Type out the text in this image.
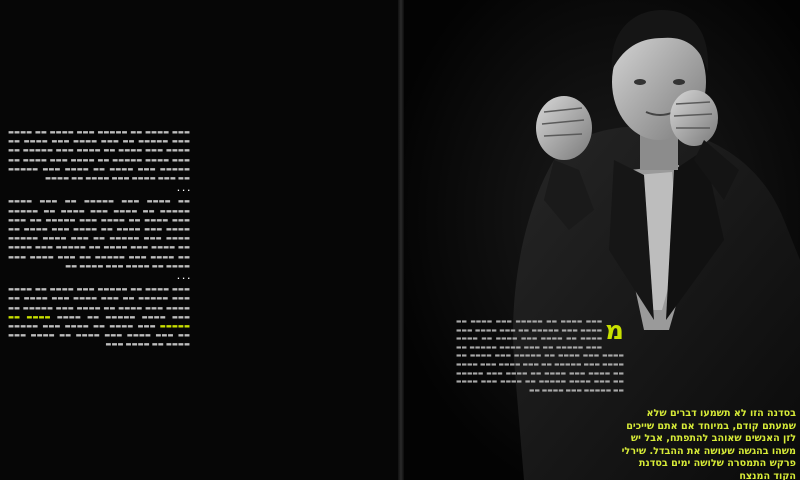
▬▬▬ ▬▬▬▬ ▬▬ ▬▬▬▬▬ ▬▬▬ ▬▬▬▬ ▬▬ ▬▬▬▬ ▬▬▬ ▬▬▬▬▬ ▬▬ ▬▬▬ ▬▬▬▬ ▬▬▬ ▬▬▬▬ ▬▬ ▬▬▬▬ ▬▬▬ ▬▬▬▬ ▬▬ ▬▬▬▬ ▬▬▬ ▬▬▬▬▬ ▬▬ ▬▬▬ ▬▬▬▬ ▬▬▬▬▬ ▬▬ ▬▬▬▬ ▬▬▬ ▬▬▬▬ ▬▬ ▬▬▬▬▬ ▬▬▬ ▬▬▬▬ ▬▬ ▬▬▬▬ ▬▬▬ ▬▬▬▬▬ ▬▬ ▬▬▬ ▬▬▬▬ ▬▬▬ ▬▬▬▬ ▬▬ ▬▬▬▬

· · ·

▬▬ ▬▬▬▬ ▬▬▬ ▬▬▬▬▬ ▬▬ ▬▬▬ ▬▬▬▬ ▬▬▬▬▬ ▬▬ ▬▬▬▬ ▬▬▬ ▬▬▬▬ ▬▬ ▬▬▬▬▬ ▬▬▬ ▬▬▬▬ ▬▬ ▬▬▬▬ ▬▬▬ ▬▬▬▬▬ ▬▬ ▬▬▬ ▬▬▬▬ ▬▬▬ ▬▬▬▬ ▬▬ ▬▬▬▬ ▬▬▬ ▬▬▬▬ ▬▬ ▬▬▬▬ ▬▬▬ ▬▬▬▬▬ ▬▬ ▬▬▬ ▬▬▬▬ ▬▬▬▬▬ ▬▬ ▬▬▬▬ ▬▬▬ ▬▬▬▬ ▬▬ ▬▬▬▬▬ ▬▬▬ ▬▬▬▬ ▬▬ ▬▬▬▬ ▬▬▬ ▬▬▬▬▬ ▬▬ ▬▬▬ ▬▬▬▬ ▬▬▬ ▬▬▬▬ ▬▬ ▬▬▬▬ ▬▬▬ ▬▬▬▬ ▬▬

· · ·

▬▬▬ ▬▬▬▬ ▬▬ ▬▬▬▬▬ ▬▬▬ ▬▬▬▬ ▬▬ ▬▬▬▬ ▬▬▬ ▬▬▬▬▬ ▬▬ ▬▬▬ ▬▬▬▬ ▬▬▬ ▬▬▬▬ ▬▬ ▬▬▬▬ ▬▬▬ ▬▬▬▬ ▬▬ ▬▬▬▬ ▬▬▬ ▬▬▬▬▬ ▬▬ ▬▬▬ ▬▬▬▬ ▬▬▬▬▬ ▬▬ ▬▬▬▬ ▬▬▬▬ ▬▬ ▬▬▬▬▬ ▬▬▬ ▬▬▬▬ ▬▬ ▬▬▬▬ ▬▬▬ ▬▬▬▬▬ ▬▬ ▬▬▬ ▬▬▬▬ ▬▬▬ ▬▬▬▬ ▬▬ ▬▬▬▬ ▬▬▬ ▬▬▬▬ ▬▬ ▬▬▬▬ ▬▬▬	מ
▬▬▬ ▬▬▬▬ ▬▬ ▬▬▬▬▬ ▬▬▬ ▬▬▬▬ ▬▬ ▬▬▬▬ ▬▬▬ ▬▬▬▬▬ ▬▬ ▬▬▬ ▬▬▬▬ ▬▬▬ ▬▬▬▬ ▬▬ ▬▬▬▬ ▬▬▬ ▬▬▬▬ ▬▬ ▬▬▬▬ ▬▬▬ ▬▬▬▬▬ ▬▬ ▬▬▬ ▬▬▬▬ ▬▬▬▬▬ ▬▬ ▬▬▬▬ ▬▬▬ ▬▬▬▬ ▬▬ ▬▬▬▬▬ ▬▬▬ ▬▬▬▬ ▬▬ ▬▬▬▬ ▬▬▬ ▬▬▬▬▬ ▬▬ ▬▬▬ ▬▬▬▬ ▬▬▬ ▬▬▬▬ ▬▬ ▬▬▬▬ ▬▬▬ ▬▬▬▬ ▬▬ ▬▬▬▬ ▬▬▬ ▬▬▬▬▬ ▬▬ ▬▬▬ ▬▬▬▬ ▬▬▬▬▬ ▬▬ ▬▬▬▬ ▬▬▬ ▬▬▬▬ ▬▬ ▬▬▬▬▬ ▬▬▬ ▬▬▬▬ ▬▬
בסדנה הזו לא תשמעו דברים שלא שמעתם קודם, במיוחד אם אתם שייכים לזן האנשים שאוהב להתפתח, אבל יש משהו בהגשה שעושה את ההבדל. שירלי פרקש התמסרה שלושה ימים בסדנת הקוד המנצח
